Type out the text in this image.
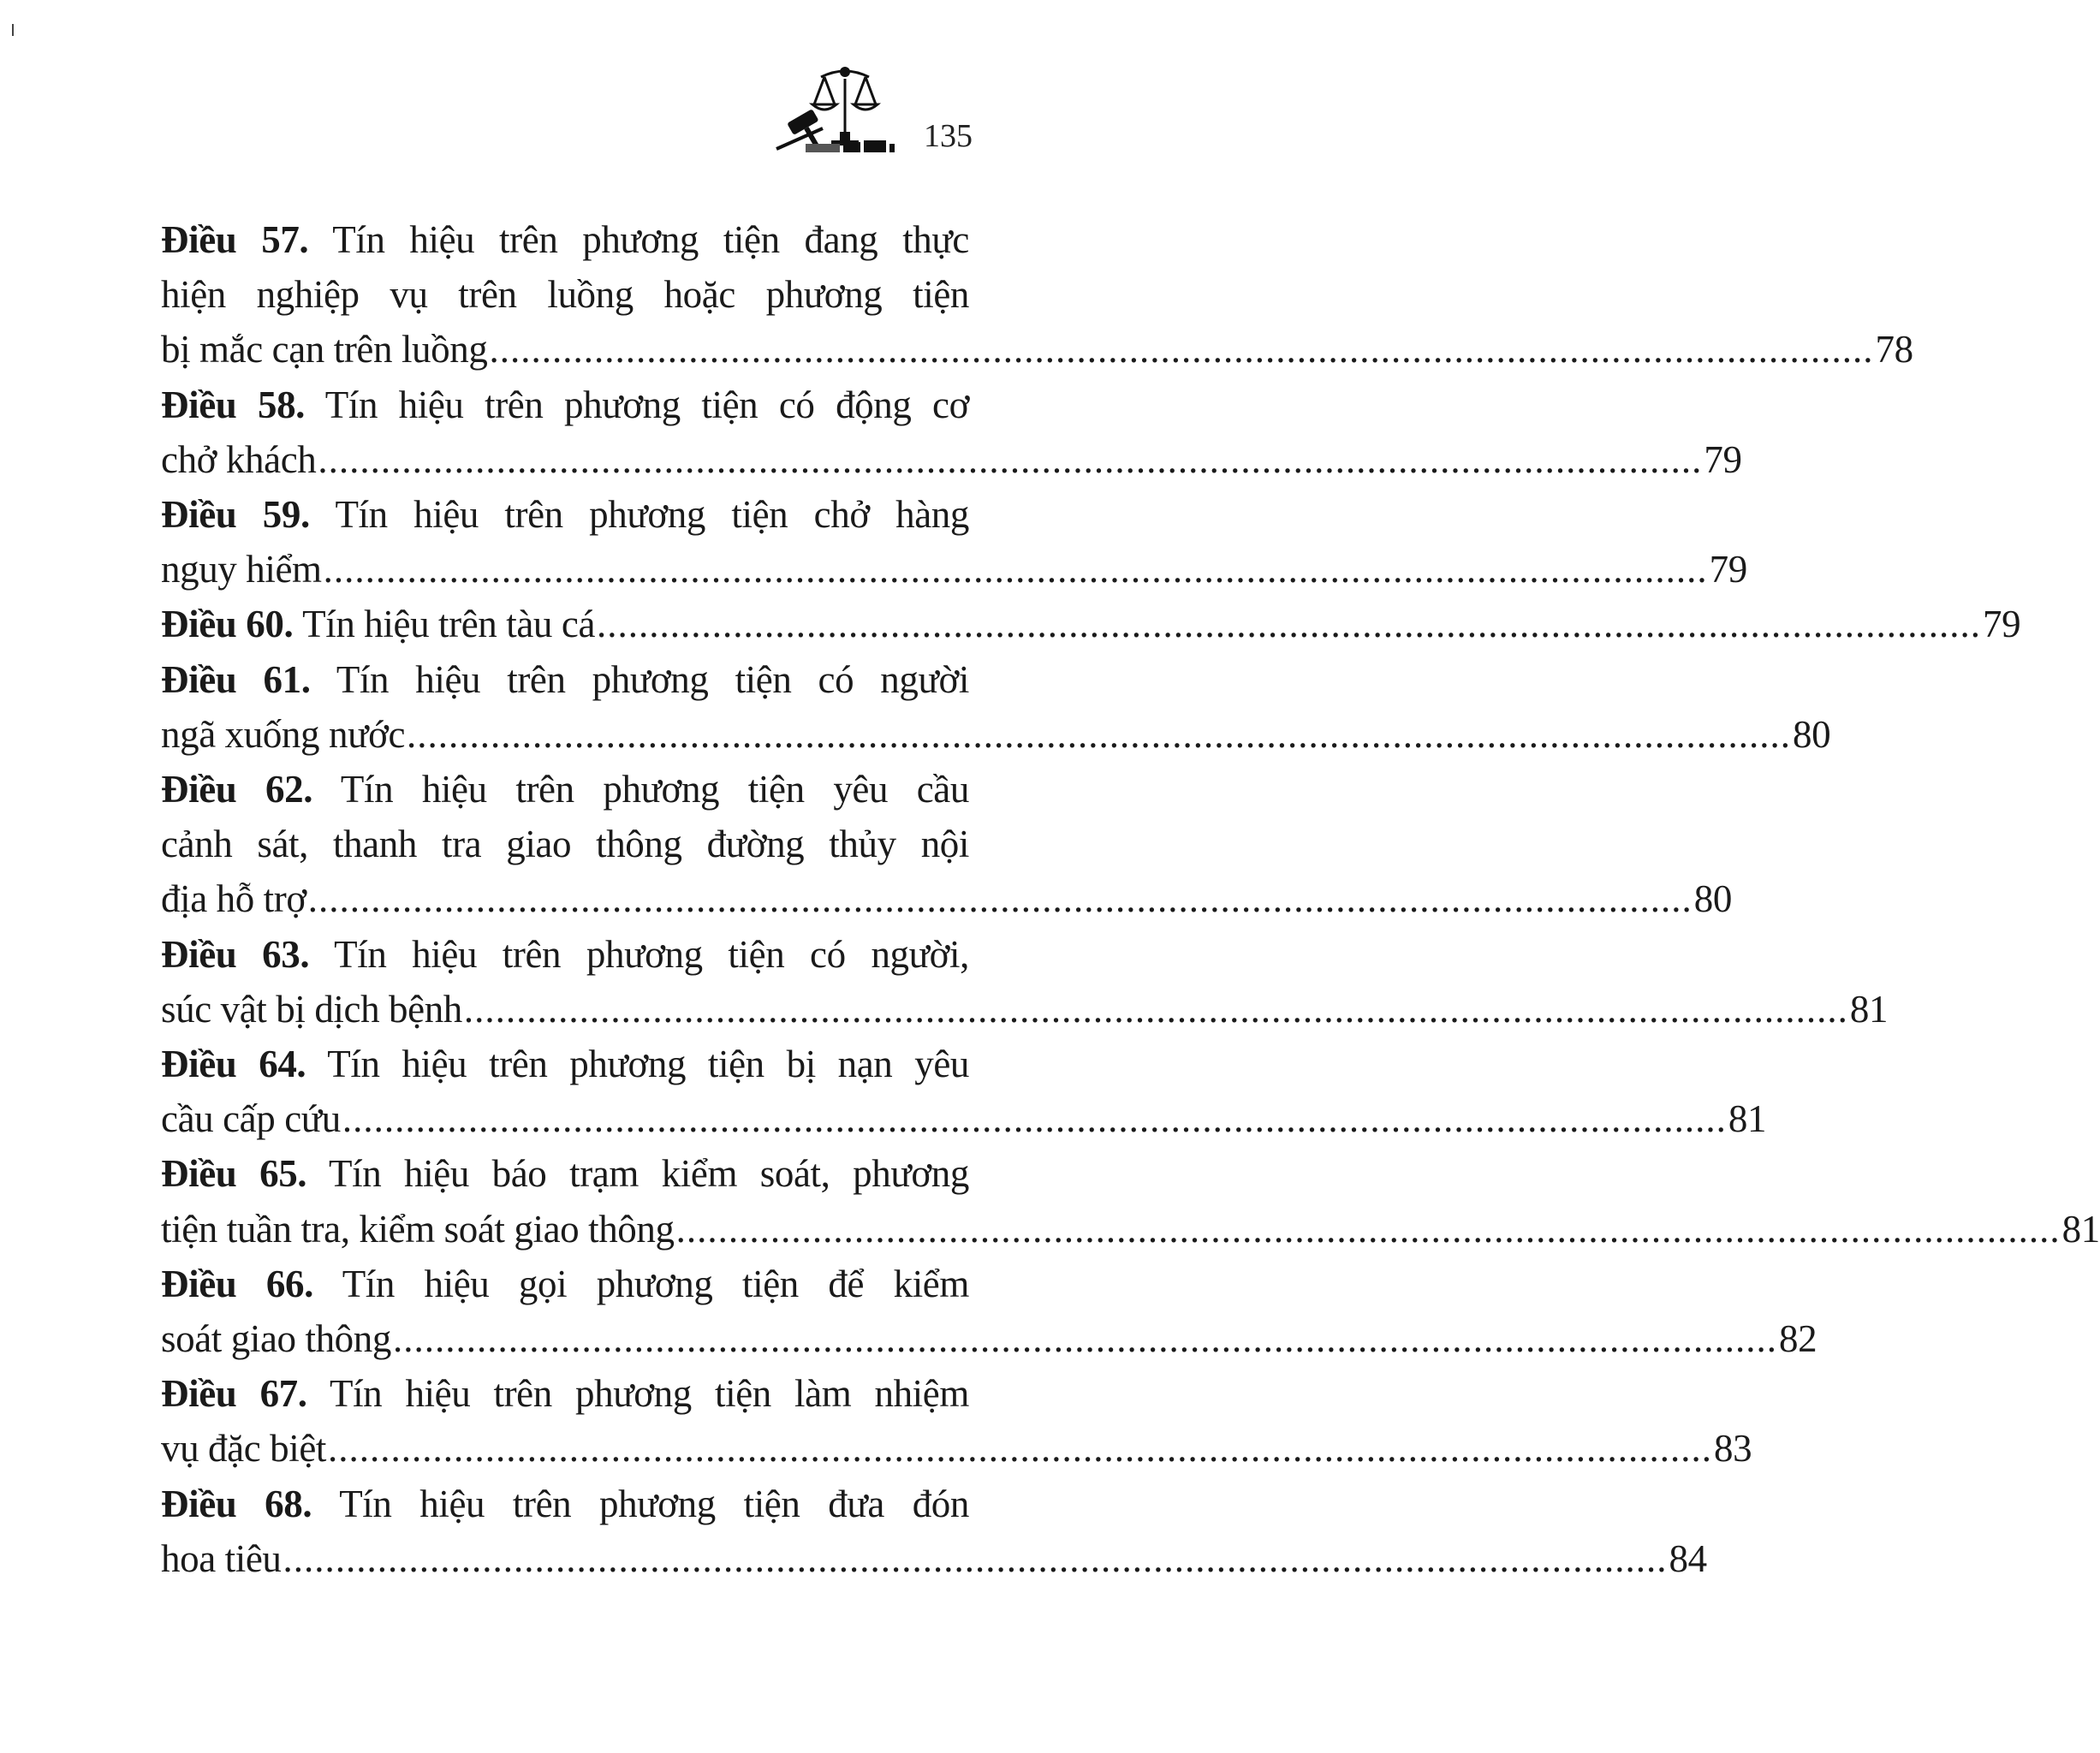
135
Điều 57. Tín hiệu trên phương tiện đang thực
hiện nghiệp vụ trên luồng hoặc phương tiện
bị mắc cạn trên luồng .................................................................................................................................... 78
Điều 58. Tín hiệu trên phương tiện có động cơ
chở khách .................................................................................................................................... 79
Điều 59. Tín hiệu trên phương tiện chở hàng
nguy hiểm .................................................................................................................................... 79
Điều 60.
Tín hiệu trên tàu cá .................................................................................................................................... 79
Điều 61. Tín hiệu trên phương tiện có người
ngã xuống nước .................................................................................................................................... 80
Điều 62. Tín hiệu trên phương tiện yêu cầu
cảnh sát, thanh tra giao thông đường thủy nội
địa hỗ trợ .................................................................................................................................... 80
Điều 63. Tín hiệu trên phương tiện có người,
súc vật bị dịch bệnh .................................................................................................................................... 81
Điều 64. Tín hiệu trên phương tiện bị nạn yêu
cầu cấp cứu .................................................................................................................................... 81
Điều 65. Tín hiệu báo trạm kiểm soát, phương
tiện tuần tra, kiểm soát giao thông .................................................................................................................................... 81
Điều 66. Tín hiệu gọi phương tiện để kiểm
soát giao thông .................................................................................................................................... 82
Điều 67. Tín hiệu trên phương tiện làm nhiệm
vụ đặc biệt .................................................................................................................................... 83
Điều 68. Tín hiệu trên phương tiện đưa đón
hoa tiêu .................................................................................................................................... 84
